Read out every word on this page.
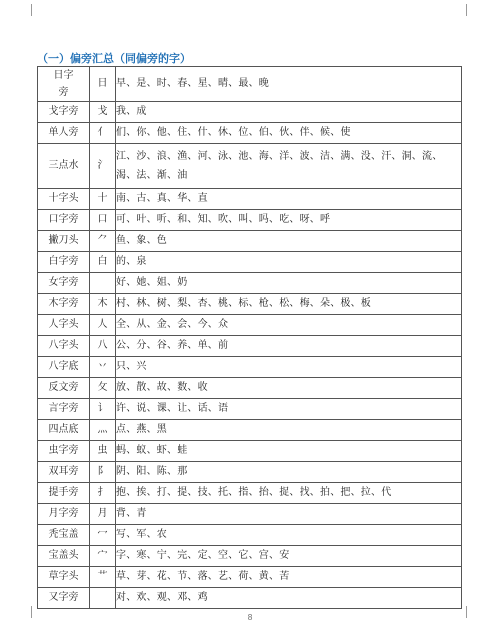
（一）偏旁汇总（同偏旁的字）
日字
旁	日	早、是、时、春、星、晴、最、晚
戈字旁	戈	我、成
单人旁	亻	们、你、他、住、什、休、位、伯、伙、伴、候、使
三点水	氵	江、沙、浪、渔、河、泳、池、海、洋、波、洁、满、没、汗、洞、流、渴、法、渐、油
十字头	十	南、古、真、华、直
口字旁	口	可、叶、听、和、知、吹、叫、吗、吃、呀、呼
撇刀头	⺈	鱼、象、色
白字旁	白	的、泉
女字旁		好、她、姐、奶
木字旁	木	村、林、树、梨、杏、桃、标、枪、松、梅、朵、极、板
人字头	人	全、从、金、会、今、众
八字头	八	公、分、谷、养、单、前
八字底	丷	只、兴
反文旁	攵	放、散、故、数、收
言字旁	讠	许、说、课、让、话、语
四点底	灬	点、燕、黑
虫字旁	虫	蚂、蚁、虾、蛙
双耳旁	阝	阴、阳、陈、那
提手旁	扌	抱、挨、打、提、技、托、指、抬、捉、找、拍、把、拉、代
月字旁	月	背、青
秃宝盖	冖	写、军、农
宝盖头	宀	字、寒、宁、完、定、空、它、宫、安
草字头	艹	草、芽、花、节、落、艺、荷、黄、苦
又字旁		对、欢、观、邓、鸡
8
